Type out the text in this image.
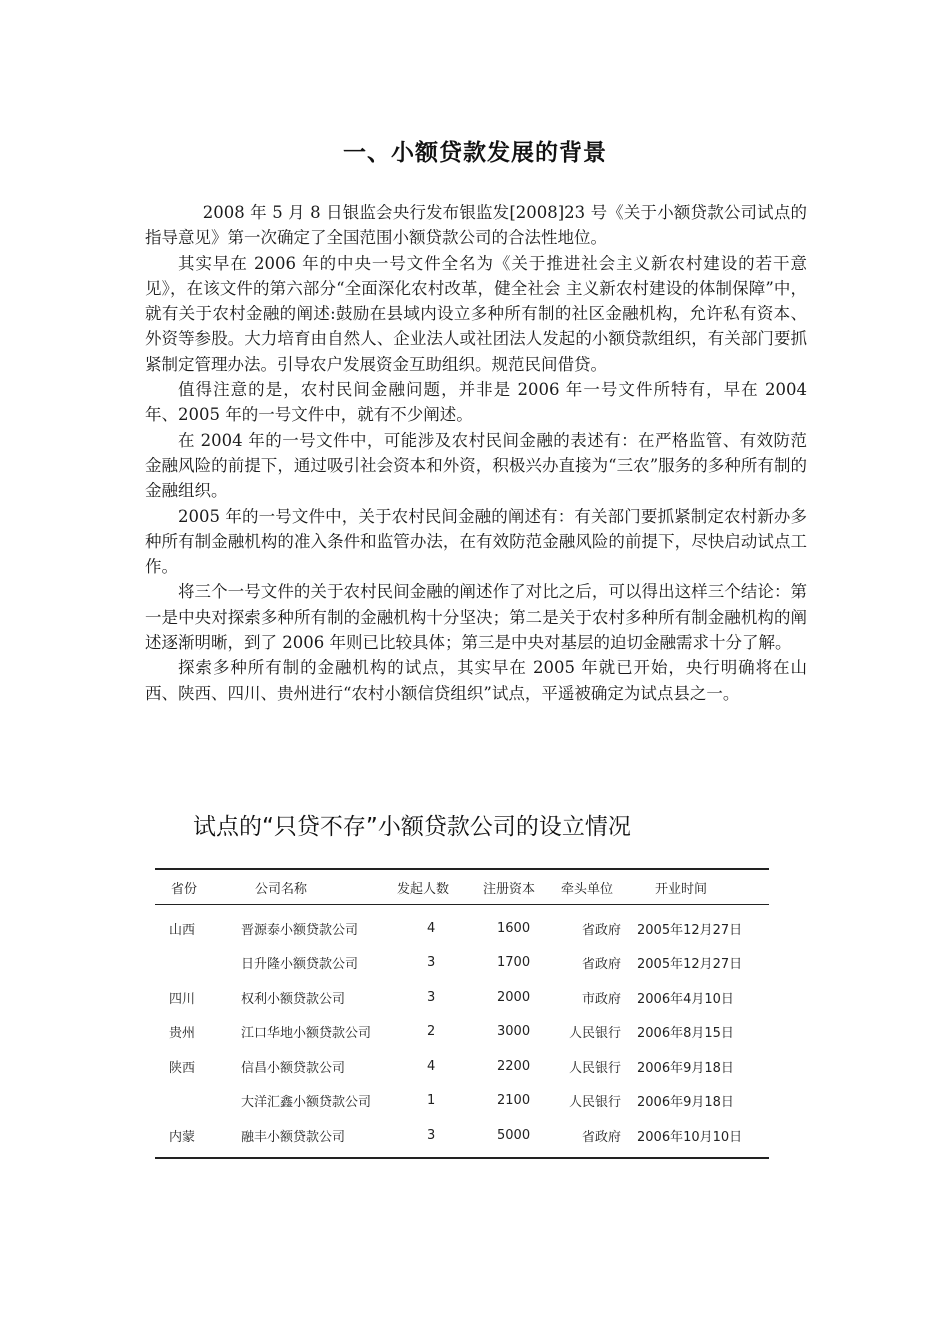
一、小额贷款发展的背景

2008 年 5 月 8 日银监会央行发布银监发[2008]23 号《关于小额贷款公司试点的指导意见》第一次确定了全国范围小额贷款公司的合法性地位。

其实早在 2006 年的中央一号文件全名为《关于推进社会主义新农村建设的若干意见》，在该文件的第六部分“全面深化农村改革，健全社会 主义新农村建设的体制保障”中，就有关于农村金融的阐述:鼓励在县域内设立多种所有制的社区金融机构，允许私有资本、外资等参股。大力培育由自然人、企业法人或社团法人发起的小额贷款组织，有关部门要抓紧制定管理办法。引导农户发展资金互助组织。规范民间借贷。

值得注意的是，农村民间金融问题，并非是 2006 年一号文件所特有，早在 2004 年、2005 年的一号文件中，就有不少阐述。

在 2004 年的一号文件中，可能涉及农村民间金融的表述有：在严格监管、有效防范金融风险的前提下，通过吸引社会资本和外资，积极兴办直接为“三农”服务的多种所有制的金融组织。

2005 年的一号文件中，关于农村民间金融的阐述有：有关部门要抓紧制定农村新办多种所有制金融机构的准入条件和监管办法，在有效防范金融风险的前提下，尽快启动试点工作。

将三个一号文件的关于农村民间金融的阐述作了对比之后，可以得出这样三个结论：第一是中央对探索多种所有制的金融机构十分坚决；第二是关于农村多种所有制金融机构的阐述逐渐明晰，到了 2006 年则已比较具体；第三是中央对基层的迫切金融需求十分了解。

探索多种所有制的金融机构的试点，其实早在 2005 年就已开始，央行明确将在山西、陕西、四川、贵州进行“农村小额信贷组织”试点，平遥被确定为试点县之一。

试点的“只贷不存”小额贷款公司的设立情况
省份	公司名称	发起人数	注册资本	牵头单位	开业时间
山西	晋源泰小额贷款公司	4	1600	省政府	2005年12月27日
	日升隆小额贷款公司	3	1700	省政府	2005年12月27日
四川	权利小额贷款公司	3	2000	市政府	2006年4月10日
贵州	江口华地小额贷款公司	2	3000	人民银行	2006年8月15日
陕西	信昌小额贷款公司	4	2200	人民银行	2006年9月18日
	大洋汇鑫小额贷款公司	1	2100	人民银行	2006年9月18日
内蒙	融丰小额贷款公司	3	5000	省政府	2006年10月10日
